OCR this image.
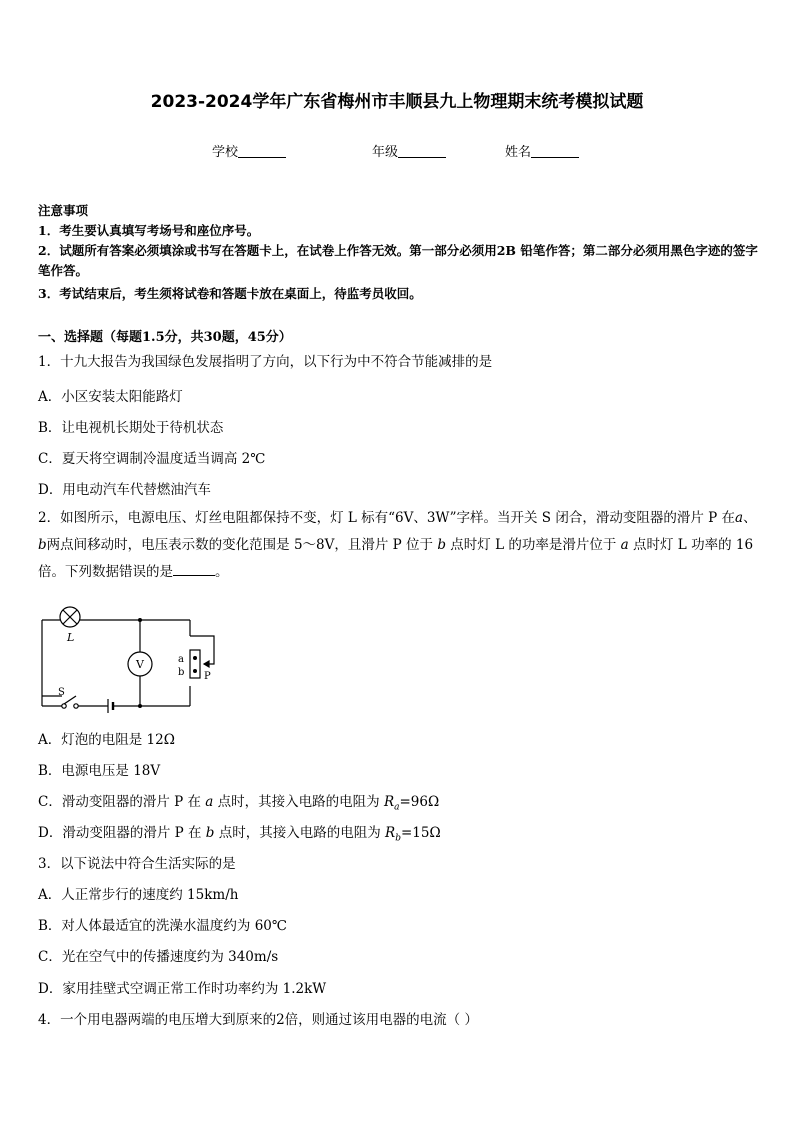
2023-2024学年广东省梅州市丰顺县九上物理期末统考模拟试题
学校	年级	姓名

注意事项

1．考生要认真填写考场号和座位序号。

2．试题所有答案必须填涂或书写在答题卡上，在试卷上作答无效。第一部分必须用2B 铅笔作答；第二部分必须用黑色字迹的签字笔作答。

3．考试结束后，考生须将试卷和答题卡放在桌面上，待监考员收回。

一、选择题（每题1.5分，共30题，45分）
1．十九大报告为我国绿色发展指明了方向，以下行为中不符合节能减排的是
A．小区安装太阳能路灯
B．让电视机长期处于待机状态
C．夏天将空调制冷温度适当调高 2℃
D．用电动汽车代替燃油汽车
2．如图所示，电源电压、灯丝电阻都保持不变，灯 L 标有“6V、3W”字样。当开关 S 闭合，滑动变阻器的滑片 P 在a、b两点间移动时，电压表示数的变化范围是 5～8V，且滑片 P 位于 b 点时灯 L 的功率是滑片位于 a 点时灯 L 功率的 16 倍。下列数据错误的是	。
V
L
a
b P
S
A．灯泡的电阻是 12Ω
B．电源电压是 18V
C．滑动变阻器的滑片 P 在 a 点时，其接入电路的电阻为 $R_a=96\Omega$
D．滑动变阻器的滑片 P 在 b 点时，其接入电路的电阻为 $R_b=15\Omega$
3．以下说法中符合生活实际的是
A．人正常步行的速度约 15km/h
B．对人体最适宜的洗澡水温度约为 60℃
C．光在空气中的传播速度约为 340m/s
D．家用挂壁式空调正常工作时功率约为 1.2kW
4．一个用电器两端的电压增大到原来的2倍，则通过该用电器的电流（ ）
